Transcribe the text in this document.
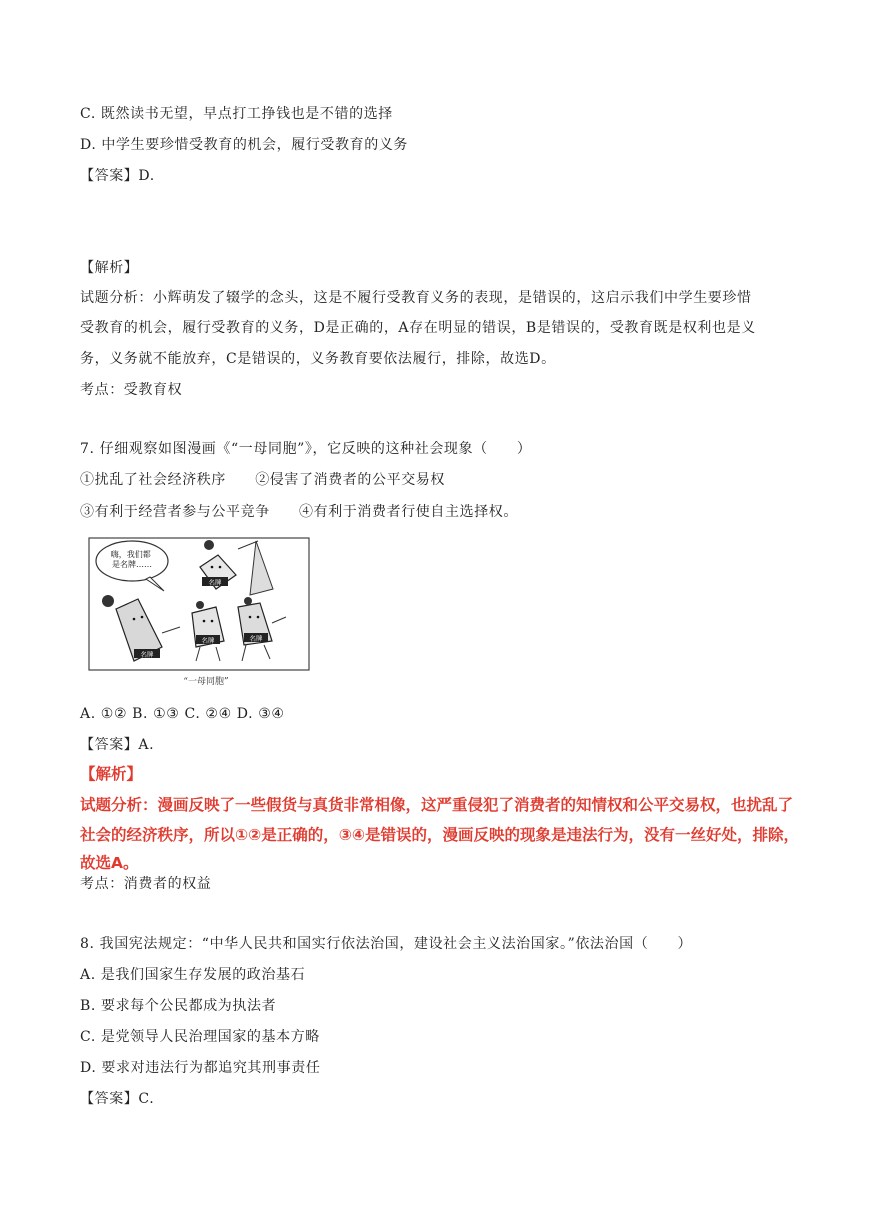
C. 既然读书无望，早点打工挣钱也是不错的选择
D. 中学生要珍惜受教育的机会，履行受教育的义务
【答案】D.
【解析】
试题分析：小辉萌发了辍学的念头，这是不履行受教育义务的表现，是错误的，这启示我们中学生要珍惜
受教育的机会，履行受教育的义务，D是正确的，A存在明显的错误，B是错误的，受教育既是权利也是义
务，义务就不能放弃，C是错误的，义务教育要依法履行，排除，故选D。
考点：受教育权
7. 仔细观察如图漫画《“一母同胞”》，它反映的这种社会现象（　　）
①扰乱了社会经济秩序　　②侵害了消费者的公平交易权
③有利于经营者参与公平竞争　　④有利于消费者行使自主选择权。
嗨，我们都 是名牌……
名牌
名牌
名牌	名牌
“一母同胞”
A. ①② B. ①③ C. ②④ D. ③④
【答案】A.
【解析】
试题分析：漫画反映了一些假货与真货非常相像，这严重侵犯了消费者的知情权和公平交易权，也扰乱了
社会的经济秩序，所以①②是正确的，③④是错误的，漫画反映的现象是违法行为，没有一丝好处，排除，
故选A。
考点：消费者的权益
8. 我国宪法规定：“中华人民共和国实行依法治国，建设社会主义法治国家。”依法治国（　　）
A. 是我们国家生存发展的政治基石
B. 要求每个公民都成为执法者
C. 是党领导人民治理国家的基本方略
D. 要求对违法行为都追究其刑事责任
【答案】C.
